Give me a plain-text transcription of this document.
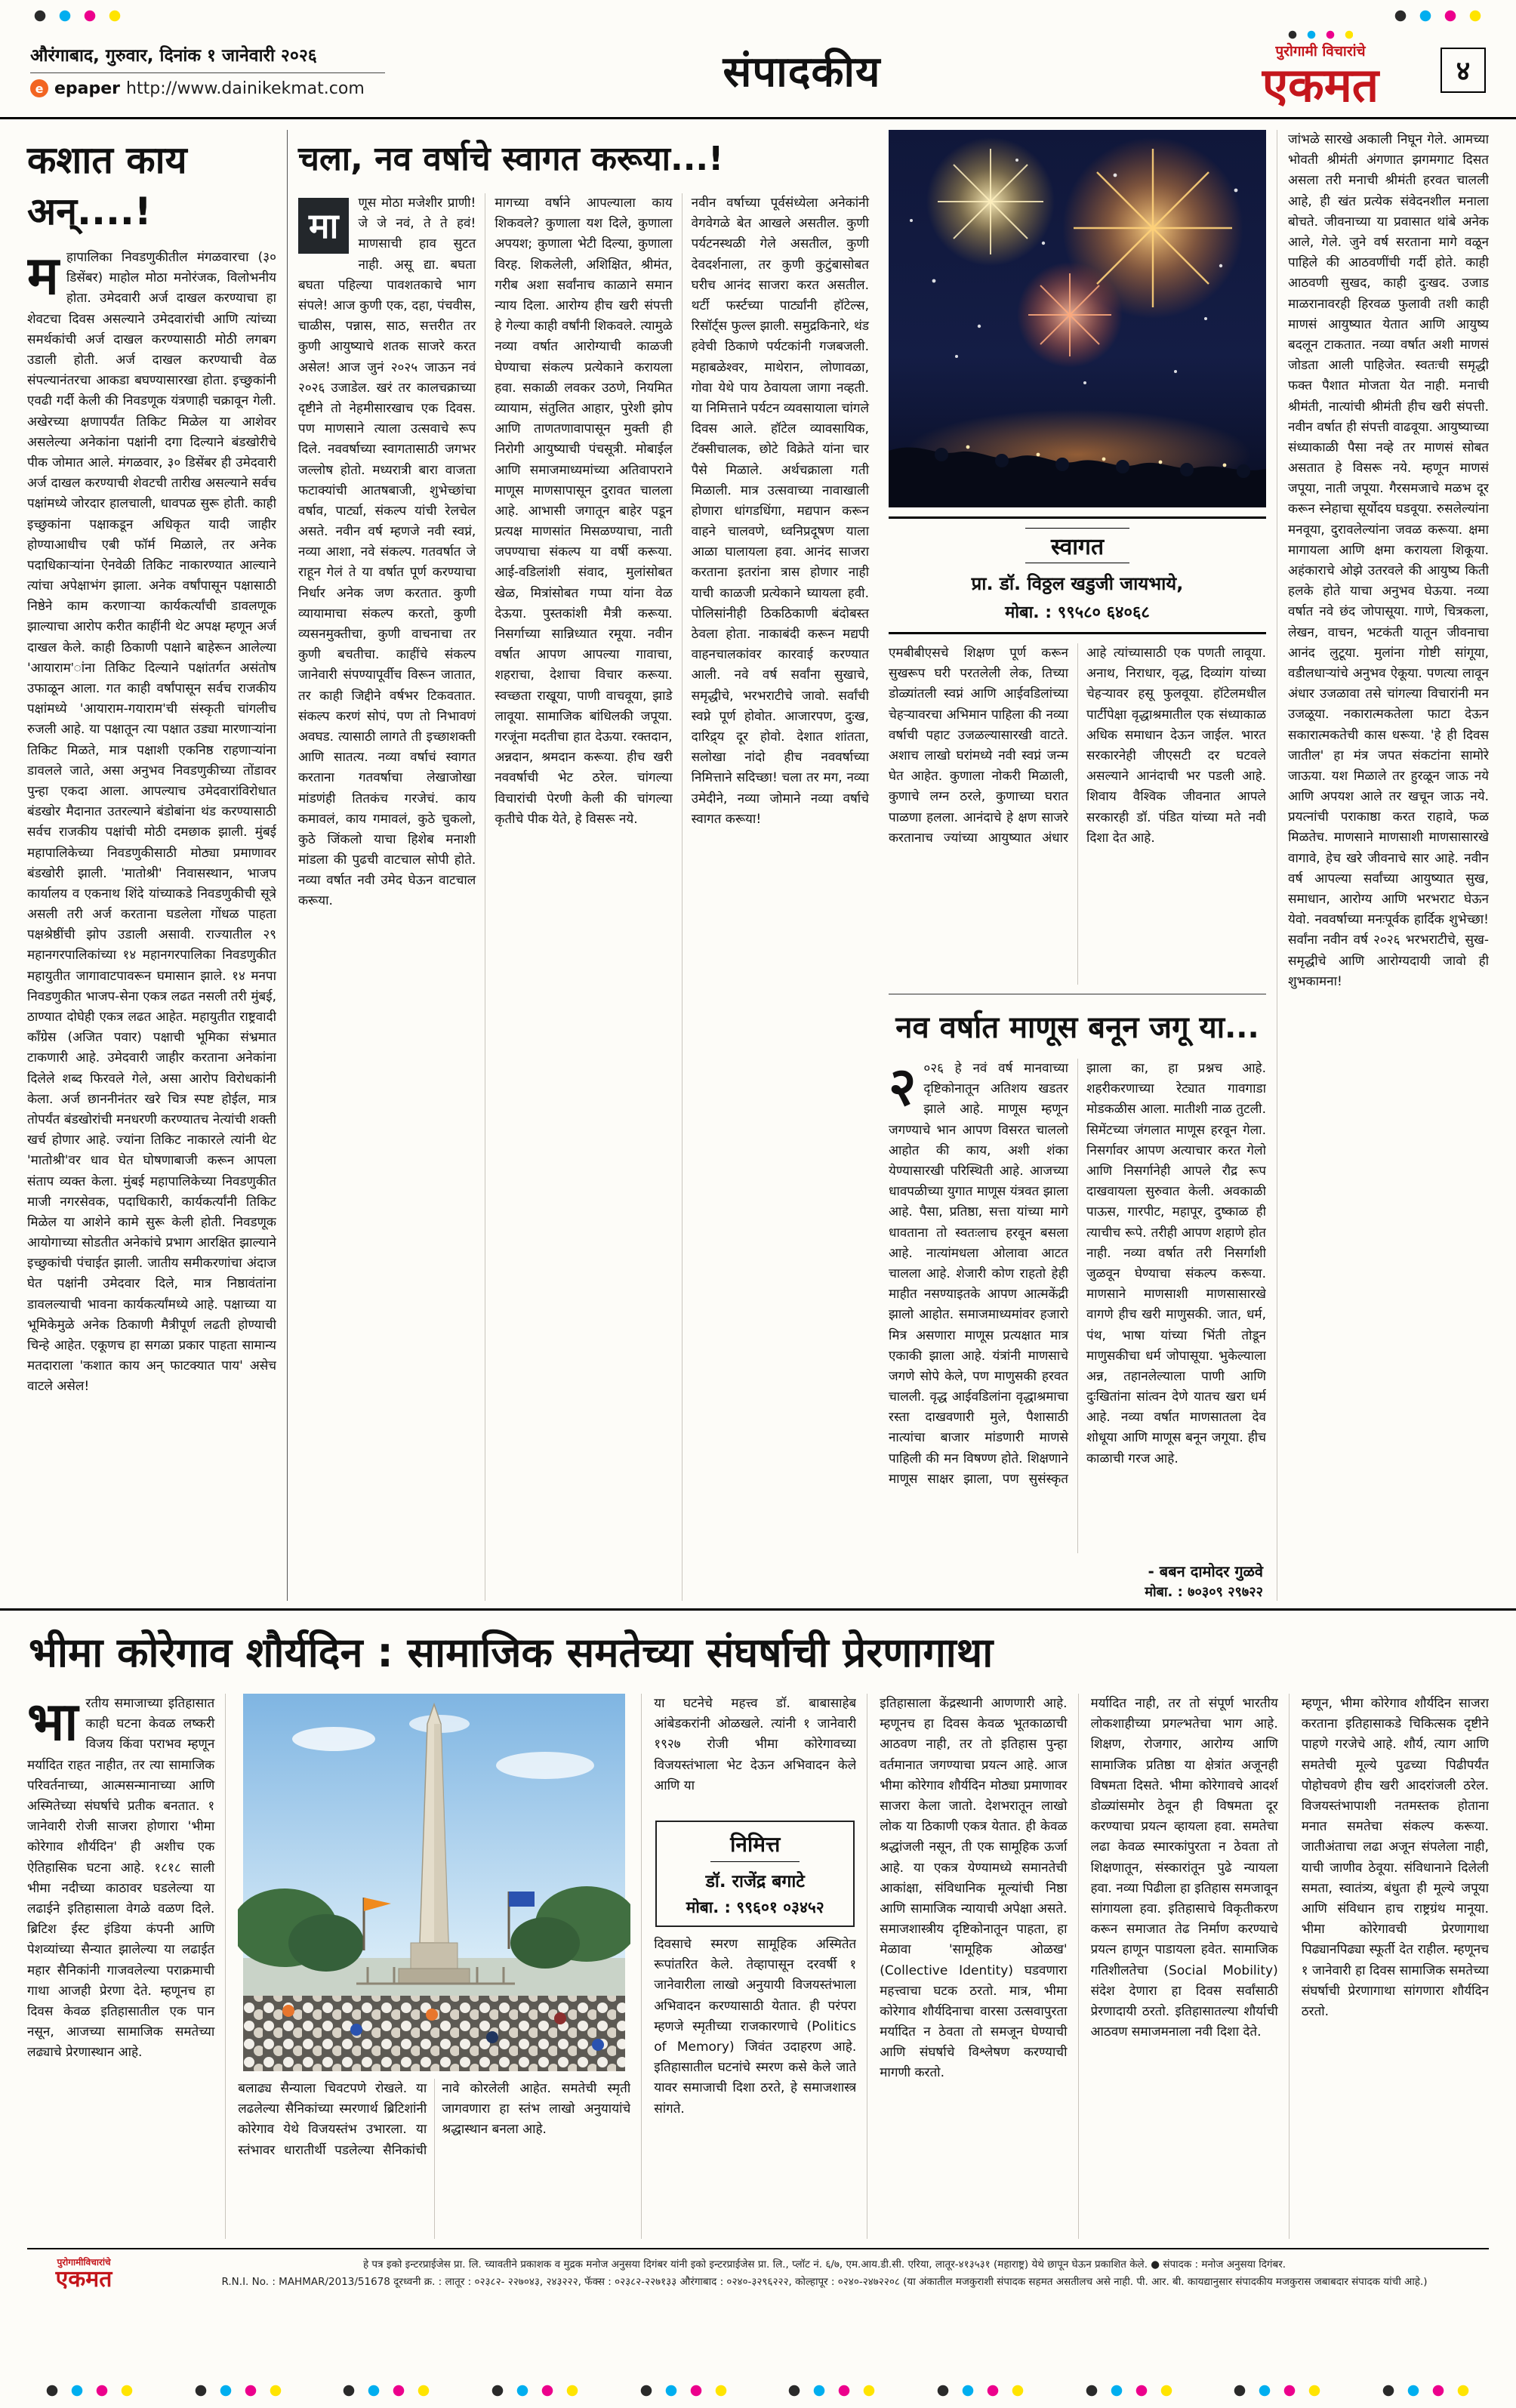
औरंगाबाद, गुरुवार, दिनांक १ जानेवारी २०२६
e
epaper http://www.dainikekmat.com	संपादकीय	पुरोगामी विचारांचे
एकमत	४
कशात काय अन्....!
महापालिका निवडणुकीतील मंगळवारचा (३० डिसेंबर) माहोल मोठा मनोरंजक, विलोभनीय होता. उमेदवारी अर्ज दाखल करण्याचा हा शेवटचा दिवस असल्याने उमेदवारांची आणि त्यांच्या समर्थकांची अर्ज दाखल करण्यासाठी मोठी लगबग उडाली होती. अर्ज दाखल करण्याची वेळ संपल्यानंतरचा आकडा बघण्यासारखा होता. इच्छुकांनी एवढी गर्दी केली की निवडणूक यंत्रणाही चक्रावून गेली. अखेरच्या क्षणापर्यंत तिकिट मिळेल या आशेवर असलेल्या अनेकांना पक्षांनी दगा दिल्याने बंडखोरीचे पीक जोमात आले. मंगळवार, ३० डिसेंबर ही उमेदवारी अर्ज दाखल करण्याची शेवटची तारीख असल्याने सर्वच पक्षांमध्ये जोरदार हालचाली, धावपळ सुरू होती. काही इच्छुकांना पक्षाकडून अधिकृत यादी जाहीर होण्याआधीच एबी फॉर्म मिळाले, तर अनेक पदाधिकाऱ्यांना ऐनवेळी तिकिट नाकारण्यात आल्याने त्यांचा अपेक्षाभंग झाला. अनेक वर्षांपासून पक्षासाठी निष्ठेने काम करणाऱ्या कार्यकर्त्यांची डावलणूक झाल्याचा आरोप करीत काहींनी थेट अपक्ष म्हणून अर्ज दाखल केले. काही ठिकाणी पक्षाने बाहेरून आलेल्या 'आयाराम'ांना तिकिट दिल्याने पक्षांतर्गत असंतोष उफाळून आला. गत काही वर्षांपासून सर्वच राजकीय पक्षांमध्ये 'आयाराम-गयाराम'ची संस्कृती चांगलीच रुजली आहे. या पक्षातून त्या पक्षात उड्या मारणाऱ्यांना तिकिट मिळते, मात्र पक्षाशी एकनिष्ठ राहणाऱ्यांना डावलले जाते, असा अनुभव निवडणुकीच्या तोंडावर पुन्हा एकदा आला. आपल्याच उमेदवारांविरोधात बंडखोर मैदानात उतरल्याने बंडोबांना थंड करण्यासाठी सर्वच राजकीय पक्षांची मोठी दमछाक झाली. मुंबई महापालिकेच्या निवडणुकीसाठी मोठ्या प्रमाणावर बंडखोरी झाली. 'मातोश्री' निवासस्थान, भाजप कार्यालय व एकनाथ शिंदे यांच्याकडे निवडणुकीची सूत्रे असली तरी अर्ज करताना घडलेला गोंधळ पाहता पक्षश्रेष्ठींची झोप उडाली असावी. राज्यातील २९ महानगरपालिकांच्या १४ महानगरपालिका निवडणुकीत महायुतीत जागावाटपावरून घमासान झाले. १४ मनपा निवडणुकीत भाजप-सेना एकत्र लढत नसली तरी मुंबई, ठाण्यात दोघेही एकत्र लढत आहेत. महायुतीत राष्ट्रवादी काँग्रेस (अजित पवार) पक्षाची भूमिका संभ्रमात टाकणारी आहे. उमेदवारी जाहीर करताना अनेकांना दिलेले शब्द फिरवले गेले, असा आरोप विरोधकांनी केला. अर्ज छाननीनंतर खरे चित्र स्पष्ट होईल, मात्र तोपर्यंत बंडखोरांची मनधरणी करण्यातच नेत्यांची शक्ती खर्च होणार आहे. ज्यांना तिकिट नाकारले त्यांनी थेट 'मातोश्री'वर धाव घेत घोषणाबाजी करून आपला संताप व्यक्त केला. मुंबई महापालिकेच्या निवडणुकीत माजी नगरसेवक, पदाधिकारी, कार्यकर्त्यांनी तिकिट मिळेल या आशेने कामे सुरू केली होती. निवडणूक आयोगाच्या सोडतीत अनेकांचे प्रभाग आरक्षित झाल्याने इच्छुकांची पंचाईत झाली. जातीय समीकरणांचा अंदाज घेत पक्षांनी उमेदवार दिले, मात्र निष्ठावंतांना डावलल्याची भावना कार्यकर्त्यांमध्ये आहे. पक्षाच्या या भूमिकेमुळे अनेक ठिकाणी मैत्रीपूर्ण लढती होण्याची चिन्हे आहेत. एकूणच हा सगळा प्रकार पाहता सामान्य मतदाराला 'कशात काय अन् फाटक्यात पाय' असेच वाटले असेल!
चला, नव वर्षाचे स्वागत करूया...!
मा
णूस मोठा मजेशीर प्राणी! जे जे नवं, ते ते हवं! माणसाची हाव सुटत नाही. असू द्या. बघता बघता पहिल्या पावशतकाचे भाग संपले! आज कुणी एक, दहा, पंचवीस, चाळीस, पन्नास, साठ, सत्तरीत तर कुणी आयुष्याचे शतक साजरे करत असेल! आज जुनं २०२५ जाऊन नवं २०२६ उजाडेल. खरं तर कालचक्राच्या दृष्टीने तो नेहमीसारखाच एक दिवस. पण माणसाने त्याला उत्सवाचे रूप दिले. नववर्षाच्या स्वागतासाठी जगभर जल्लोष होतो. मध्यरात्री बारा वाजता फटाक्यांची आतषबाजी, शुभेच्छांचा वर्षाव, पार्ट्या, संकल्प यांची रेलचेल असते. नवीन वर्ष म्हणजे नवी स्वप्नं, नव्या आशा, नवे संकल्प. गतवर्षात जे राहून गेलं ते या वर्षात पूर्ण करण्याचा निर्धार अनेक जण करतात. कुणी व्यायामाचा संकल्प करतो, कुणी व्यसनमुक्तीचा, कुणी वाचनाचा तर कुणी बचतीचा. काहींचे संकल्प जानेवारी संपण्यापूर्वीच विरून जातात, तर काही जिद्दीने वर्षभर टिकवतात. संकल्प करणं सोपं, पण तो निभावणं अवघड. त्यासाठी लागते ती इच्छाशक्ती आणि सातत्य. नव्या वर्षाचं स्वागत करताना गतवर्षाचा लेखाजोखा मांडणंही तितकंच गरजेचं. काय कमावलं, काय गमावलं, कुठे चुकलो, कुठे जिंकलो याचा हिशेब मनाशी मांडला की पुढची वाटचाल सोपी होते. नव्या वर्षात नवी उमेद घेऊन वाटचाल करूया.
मागच्या वर्षाने आपल्याला काय शिकवले? कुणाला यश दिले, कुणाला अपयश; कुणाला भेटी दिल्या, कुणाला विरह. शिकलेली, अशिक्षित, श्रीमंत, गरीब अशा सर्वांनाच काळाने समान न्याय दिला. आरोग्य हीच खरी संपत्ती हे गेल्या काही वर्षांनी शिकवले. त्यामुळे नव्या वर्षात आरोग्याची काळजी घेण्याचा संकल्प प्रत्येकाने करायला हवा. सकाळी लवकर उठणे, नियमित व्यायाम, संतुलित आहार, पुरेशी झोप आणि ताणतणावापासून मुक्ती ही निरोगी आयुष्याची पंचसूत्री. मोबाईल आणि समाजमाध्यमांच्या अतिवापराने माणूस माणसापासून दुरावत चालला आहे. आभासी जगातून बाहेर पडून प्रत्यक्ष माणसांत मिसळण्याचा, नाती जपण्याचा संकल्प या वर्षी करूया. आई-वडिलांशी संवाद, मुलांसोबत खेळ, मित्रांसोबत गप्पा यांना वेळ देऊया. पुस्तकांशी मैत्री करूया. निसर्गाच्या सान्निध्यात रमूया. नवीन वर्षात आपण आपल्या गावाचा, शहराचा, देशाचा विचार करूया. स्वच्छता राखूया, पाणी वाचवूया, झाडे लावूया. सामाजिक बांधिलकी जपूया. गरजूंना मदतीचा हात देऊया. रक्तदान, अन्नदान, श्रमदान करूया. हीच खरी नववर्षाची भेट ठरेल. चांगल्या विचारांची पेरणी केली की चांगल्या कृतीचे पीक येते, हे विसरू नये.
नवीन वर्षाच्या पूर्वसंध्येला अनेकांनी वेगवेगळे बेत आखले असतील. कुणी पर्यटनस्थळी गेले असतील, कुणी देवदर्शनाला, तर कुणी कुटुंबासोबत घरीच आनंद साजरा करत असतील. थर्टी फर्स्टच्या पार्ट्यांनी हॉटेल्स, रिसॉर्ट्स फुल्ल झाली. समुद्रकिनारे, थंड हवेची ठिकाणे पर्यटकांनी गजबजली. महाबळेश्वर, माथेरान, लोणावळा, गोवा येथे पाय ठेवायला जागा नव्हती. या निमित्ताने पर्यटन व्यवसायाला चांगले दिवस आले. हॉटेल व्यावसायिक, टॅक्सीचालक, छोटे विक्रेते यांना चार पैसे मिळाले. अर्थचक्राला गती मिळाली. मात्र उत्सवाच्या नावाखाली होणारा धांगडधिंगा, मद्यपान करून वाहने चालवणे, ध्वनिप्रदूषण याला आळा घालायला हवा. आनंद साजरा करताना इतरांना त्रास होणार नाही याची काळजी प्रत्येकाने घ्यायला हवी. पोलिसांनीही ठिकठिकाणी बंदोबस्त ठेवला होता. नाकाबंदी करून मद्यपी वाहनचालकांवर कारवाई करण्यात आली. नवे वर्ष सर्वांना सुखाचे, समृद्धीचे, भरभराटीचे जावो. सर्वांची स्वप्ने पूर्ण होवोत. आजारपण, दुःख, दारिद्र्य दूर होवो. देशात शांतता, सलोखा नांदो हीच नववर्षाच्या निमित्ताने सदिच्छा! चला तर मग, नव्या उमेदीने, नव्या जोमाने नव्या वर्षाचे स्वागत करूया!
स्वागत
प्रा. डॉ. विठ्ठल खडुजी जायभाये,
मोबा. : ९९५८० ६४०६८
एमबीबीएसचे शिक्षण पूर्ण करून सुखरूप घरी परतलेली लेक, तिच्या डोळ्यांतली स्वप्नं आणि आईवडिलांच्या चेहऱ्यावरचा अभिमान पाहिला की नव्या वर्षाची पहाट उजळल्यासारखी वाटते. अशाच लाखो घरांमध्ये नवी स्वप्नं जन्म घेत आहेत. कुणाला नोकरी मिळाली, कुणाचे लग्न ठरले, कुणाच्या घरात पाळणा हलला. आनंदाचे हे क्षण साजरे करतानाच ज्यांच्या आयुष्यात अंधार आहे त्यांच्यासाठी एक पणती लावूया. अनाथ, निराधार, वृद्ध, दिव्यांग यांच्या चेहऱ्यावर हसू फुलवूया. हॉटेलमधील पार्टीपेक्षा वृद्धाश्रमातील एक संध्याकाळ अधिक समाधान देऊन जाईल. भारत सरकारनेही जीएसटी दर घटवले असल्याने आनंदाची भर पडली आहे. शिवाय वैश्विक जीवनात आपले सरकारही डॉ. पंडित यांच्या मते नवी दिशा देत आहे.
नव वर्षात माणूस बनून जगू या...
२ ०२६ हे नवं वर्ष मानवाच्या दृष्टिकोनातून अतिशय खडतर झाले आहे. माणूस म्हणून जगण्याचे भान आपण विसरत चाललो आहोत की काय, अशी शंका येण्यासारखी परिस्थिती आहे. आजच्या धावपळीच्या युगात माणूस यंत्रवत झाला आहे. पैसा, प्रतिष्ठा, सत्ता यांच्या मागे धावताना तो स्वतःलाच हरवून बसला आहे. नात्यांमधला ओलावा आटत चालला आहे. शेजारी कोण राहतो हेही माहीत नसण्याइतके आपण आत्मकेंद्री झालो आहोत. समाजमाध्यमांवर हजारो मित्र असणारा माणूस प्रत्यक्षात मात्र एकाकी झाला आहे. यंत्रांनी माणसाचे जगणे सोपे केले, पण माणुसकी हरवत चालली. वृद्ध आईवडिलांना वृद्धाश्रमाचा रस्ता दाखवणारी मुले, पैशासाठी नात्यांचा बाजार मांडणारी माणसे पाहिली की मन विषण्ण होते. शिक्षणाने माणूस साक्षर झाला, पण सुसंस्कृत झाला का, हा प्रश्नच आहे. शहरीकरणाच्या रेट्यात गावगाडा मोडकळीस आला. मातीशी नाळ तुटली. सिमेंटच्या जंगलात माणूस हरवून गेला. निसर्गावर आपण अत्याचार करत गेलो आणि निसर्गानेही आपले रौद्र रूप दाखवायला सुरुवात केली. अवकाळी पाऊस, गारपीट, महापूर, दुष्काळ ही त्याचीच रूपे. तरीही आपण शहाणे होत नाही. नव्या वर्षात तरी निसर्गाशी जुळवून घेण्याचा संकल्प करूया. माणसाने माणसाशी माणसासारखे वागणे हीच खरी माणुसकी. जात, धर्म, पंथ, भाषा यांच्या भिंती तोडून माणुसकीचा धर्म जोपासूया. भुकेल्याला अन्न, तहानलेल्याला पाणी आणि दुःखितांना सांत्वन देणे यातच खरा धर्म आहे. नव्या वर्षात माणसातला देव शोधूया आणि माणूस बनून जगूया. हीच काळाची गरज आहे.
- बबन दामोदर गुळवे
मोबा. : ७०३०९ २९७२२
जांभळे सारखे अकाली निघून गेले. आमच्या भोवती श्रीमंती अंगणात झगमगाट दिसत असला तरी मनाची श्रीमंती हरवत चालली आहे, ही खंत प्रत्येक संवेदनशील मनाला बोचते. जीवनाच्या या प्रवासात थांबे अनेक आले, गेले. जुने वर्ष सरताना मागे वळून पाहिले की आठवणींची गर्दी होते. काही आठवणी सुखद, काही दुःखद. उजाड माळरानावरही हिरवळ फुलावी तशी काही माणसं आयुष्यात येतात आणि आयुष्य बदलून टाकतात. नव्या वर्षात अशी माणसं जोडता आली पाहिजेत. स्वतःची समृद्धी फक्त पैशात मोजता येत नाही. मनाची श्रीमंती, नात्यांची श्रीमंती हीच खरी संपत्ती. नवीन वर्षात ही संपत्ती वाढवूया. आयुष्याच्या संध्याकाळी पैसा नव्हे तर माणसं सोबत असतात हे विसरू नये. म्हणून माणसं जपूया, नाती जपूया. गैरसमजाचे मळभ दूर करून स्नेहाचा सूर्योदय घडवूया. रुसलेल्यांना मनवूया, दुरावलेल्यांना जवळ करूया. क्षमा मागायला आणि क्षमा करायला शिकूया. अहंकाराचे ओझे उतरवले की आयुष्य किती हलके होते याचा अनुभव घेऊया. नव्या वर्षात नवे छंद जोपासूया. गाणे, चित्रकला, लेखन, वाचन, भटकंती यातून जीवनाचा आनंद लुटूया. मुलांना गोष्टी सांगूया, वडीलधाऱ्यांचे अनुभव ऐकूया. पणत्या लावून अंधार उजळावा तसे चांगल्या विचारांनी मन उजळूया. नकारात्मकतेला फाटा देऊन सकारात्मकतेची कास धरूया. 'हे ही दिवस जातील' हा मंत्र जपत संकटांना सामोरे जाऊया. यश मिळाले तर हुरळून जाऊ नये आणि अपयश आले तर खचून जाऊ नये. प्रयत्नांची पराकाष्ठा करत राहावे, फळ मिळतेच. माणसाने माणसाशी माणसासारखे वागावे, हेच खरे जीवनाचे सार आहे. नवीन वर्ष आपल्या सर्वांच्या आयुष्यात सुख, समाधान, आरोग्य आणि भरभराट घेऊन येवो. नववर्षाच्या मनःपूर्वक हार्दिक शुभेच्छा! सर्वांना नवीन वर्ष २०२६ भरभराटीचे, सुख-समृद्धीचे आणि आरोग्यदायी जावो ही शुभकामना!
भीमा कोरेगाव शौर्यदिन : सामाजिक समतेच्या संघर्षाची प्रेरणागाथा
भारतीय समाजाच्या इतिहासात काही घटना केवळ लष्करी विजय किंवा पराभव म्हणून मर्यादित राहत नाहीत, तर त्या सामाजिक परिवर्तनाच्या, आत्मसन्मानाच्या आणि अस्मितेच्या संघर्षाचे प्रतीक बनतात. १ जानेवारी रोजी साजरा होणारा 'भीमा कोरेगाव शौर्यदिन' ही अशीच एक ऐतिहासिक घटना आहे. १८१८ साली भीमा नदीच्या काठावर घडलेल्या या लढाईने इतिहासाला वेगळे वळण दिले. ब्रिटिश ईस्ट इंडिया कंपनी आणि पेशव्यांच्या सैन्यात झालेल्या या लढाईत महार सैनिकांनी गाजवलेल्या पराक्रमाची गाथा आजही प्रेरणा देते. म्हणूनच हा दिवस केवळ इतिहासातील एक पान नसून, आजच्या सामाजिक समतेच्या लढ्याचे प्रेरणास्थान आहे.
बलाढ्य सैन्याला चिवटपणे रोखले. या लढलेल्या सैनिकांच्या स्मरणार्थ ब्रिटिशांनी कोरेगाव येथे विजयस्तंभ उभारला. या स्तंभावर धारातीर्थी पडलेल्या सैनिकांची नावे कोरलेली आहेत. समतेची स्मृती जागवणारा हा स्तंभ लाखो अनुयायांचे श्रद्धास्थान बनला आहे.
या घटनेचे महत्त्व डॉ. बाबासाहेब आंबेडकरांनी ओळखले. त्यांनी १ जानेवारी १९२७ रोजी भीमा कोरेगावच्या विजयस्तंभाला भेट देऊन अभिवादन केले आणि या
निमित्त
डॉ. राजेंद्र बगाटे
मोबा. : ९९६०१ ०३४५२
दिवसाचे स्मरण सामूहिक अस्मितेत रूपांतरित केले. तेव्हापासून दरवर्षी १ जानेवारीला लाखो अनुयायी विजयस्तंभाला अभिवादन करण्यासाठी येतात. ही परंपरा म्हणजे स्मृतीच्या राजकारणाचे (Politics of Memory) जिवंत उदाहरण आहे. इतिहासातील घटनांचे स्मरण कसे केले जाते यावर समाजाची दिशा ठरते, हे समाजशास्त्र सांगते.
इतिहासाला केंद्रस्थानी आणणारी आहे. म्हणूनच हा दिवस केवळ भूतकाळाची आठवण नाही, तर तो इतिहास पुन्हा वर्तमानात जगण्याचा प्रयत्न आहे. आज भीमा कोरेगाव शौर्यदिन मोठ्या प्रमाणावर साजरा केला जातो. देशभरातून लाखो लोक या ठिकाणी एकत्र येतात. ही केवळ श्रद्धांजली नसून, ती एक सामूहिक ऊर्जा आहे. या एकत्र येण्यामध्ये समानतेची आकांक्षा, संविधानिक मूल्यांची निष्ठा आणि सामाजिक न्यायाची अपेक्षा असते. समाजशास्त्रीय दृष्टिकोनातून पाहता, हा मेळावा 'सामूहिक ओळख' (Collective Identity) घडवणारा महत्त्वाचा घटक ठरतो. मात्र, भीमा कोरेगाव शौर्यदिनाचा वारसा उत्सवापुरता मर्यादित न ठेवता तो समजून घेण्याची आणि संघर्षाचे विश्लेषण करण्याची मागणी करतो.
मर्यादित नाही, तर तो संपूर्ण भारतीय लोकशाहीच्या प्रगल्भतेचा भाग आहे. शिक्षण, रोजगार, आरोग्य आणि सामाजिक प्रतिष्ठा या क्षेत्रांत अजूनही विषमता दिसते. भीमा कोरेगावचे आदर्श डोळ्यांसमोर ठेवून ही विषमता दूर करण्याचा प्रयत्न व्हायला हवा. समतेचा लढा केवळ स्मारकांपुरता न ठेवता तो शिक्षणातून, संस्कारांतून पुढे न्यायला हवा. नव्या पिढीला हा इतिहास समजावून सांगायला हवा. इतिहासाचे विकृतीकरण करून समाजात तेढ निर्माण करण्याचे प्रयत्न हाणून पाडायला हवेत. सामाजिक गतिशीलतेचा (Social Mobility) संदेश देणारा हा दिवस सर्वांसाठी प्रेरणादायी ठरतो. इतिहासातल्या शौर्याची आठवण समाजमनाला नवी दिशा देते.
म्हणून, भीमा कोरेगाव शौर्यदिन साजरा करताना इतिहासाकडे चिकित्सक दृष्टीने पाहणे गरजेचे आहे. शौर्य, त्याग आणि समतेची मूल्ये पुढच्या पिढीपर्यंत पोहोचवणे हीच खरी आदरांजली ठरेल. विजयस्तंभापाशी नतमस्तक होताना मनात समतेचा संकल्प करूया. जातीअंताचा लढा अजून संपलेला नाही, याची जाणीव ठेवूया. संविधानाने दिलेली समता, स्वातंत्र्य, बंधुता ही मूल्ये जपूया आणि संविधान हाच राष्ट्रग्रंथ मानूया. भीमा कोरेगावची प्रेरणागाथा पिढ्यानपिढ्या स्फूर्ती देत राहील. म्हणूनच १ जानेवारी हा दिवस सामाजिक समतेच्या संघर्षाची प्रेरणागाथा सांगणारा शौर्यदिन ठरतो.
पुरोगामीविचारांचे
एकमत
हे पत्र इको इन्टरप्राईजेस प्रा. लि. च्यावतीने प्रकाशक व मुद्रक मनोज अनुसया दिगंबर यांनी इको इन्टरप्राईजेस प्रा. लि., प्लॉट नं. ६/७, एम.आय.डी.सी. एरिया, लातूर-४१३५३१ (महाराष्ट्र) येथे छापून घेऊन प्रकाशित केले. ● संपादक : मनोज अनुसया दिगंबर.
R.N.I. No. : MAHMAR/2013/51678 दूरध्वनी क्र. : लातूर : ०२३८२- २२७०४३, २४३२२२, फॅक्स : ०२३८२-२२७१३३ औरंगाबाद : ०२४०-३२९६२२२, कोल्हापूर : ०२४०-२४७२२०८ (या अंकातील मजकुराशी संपादक सहमत असतीलच असे नाही. पी. आर. बी. कायद्यानुसार संपादकीय मजकुरास जबाबदार संपादक यांची आहे.)
